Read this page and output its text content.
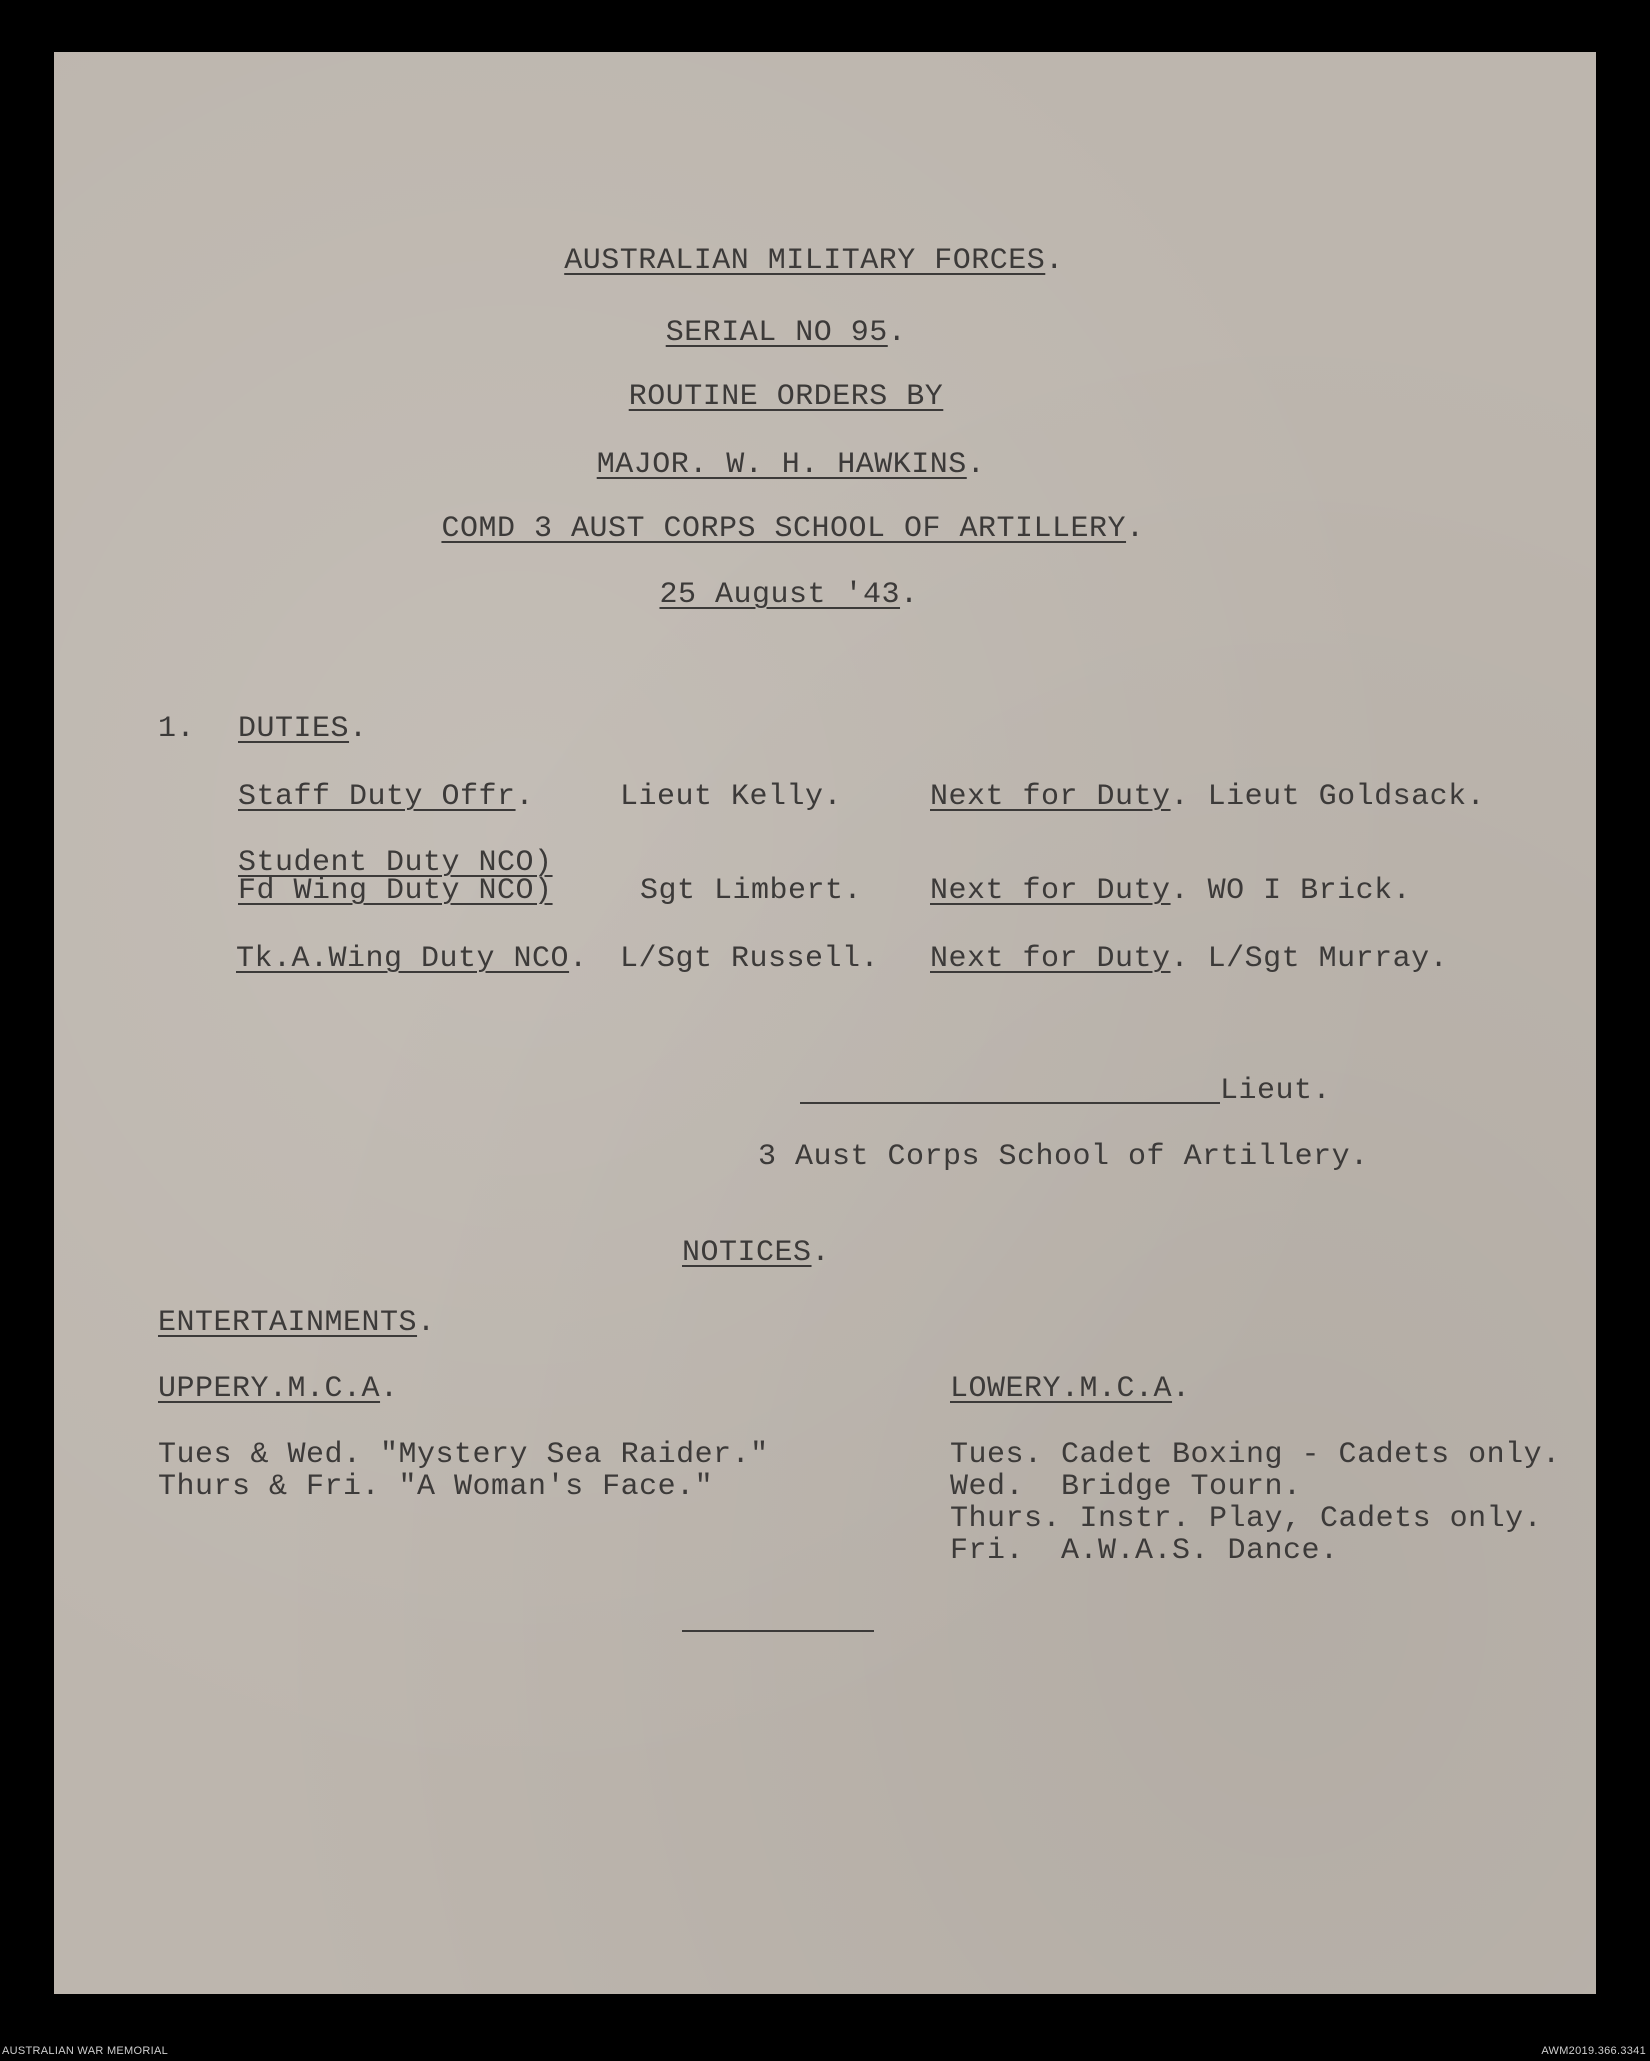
AUSTRALIAN MILITARY FORCES.
SERIAL NO 95.
ROUTINE ORDERS BY
MAJOR. W. H. HAWKINS.
COMD 3 AUST CORPS SCHOOL OF ARTILLERY.
25 August '43.
1. DUTIES.
Staff Duty Offr.	Lieut Kelly.	Next for Duty. Lieut Goldsack.
Student Duty NCO)
Fd Wing Duty NCO)	Sgt Limbert. Next for Duty. WO I Brick.
Tk.A.Wing Duty NCO. L/Sgt Russell. Next for Duty. L/Sgt Murray.
Lieut.
3 Aust Corps School of Artillery.
NOTICES.
ENTERTAINMENTS.
UPPERY.M.C.A.
Tues & Wed. "Mystery Sea Raider."
Thurs & Fri. "A Woman's Face."
LOWERY.M.C.A.
Tues. Cadet Boxing - Cadets only.
Wed.  Bridge Tourn.
Thurs. Instr. Play, Cadets only.
Fri.  A.W.A.S. Dance.
AUSTRALIAN WAR MEMORIAL	AWM2019.366.3341
